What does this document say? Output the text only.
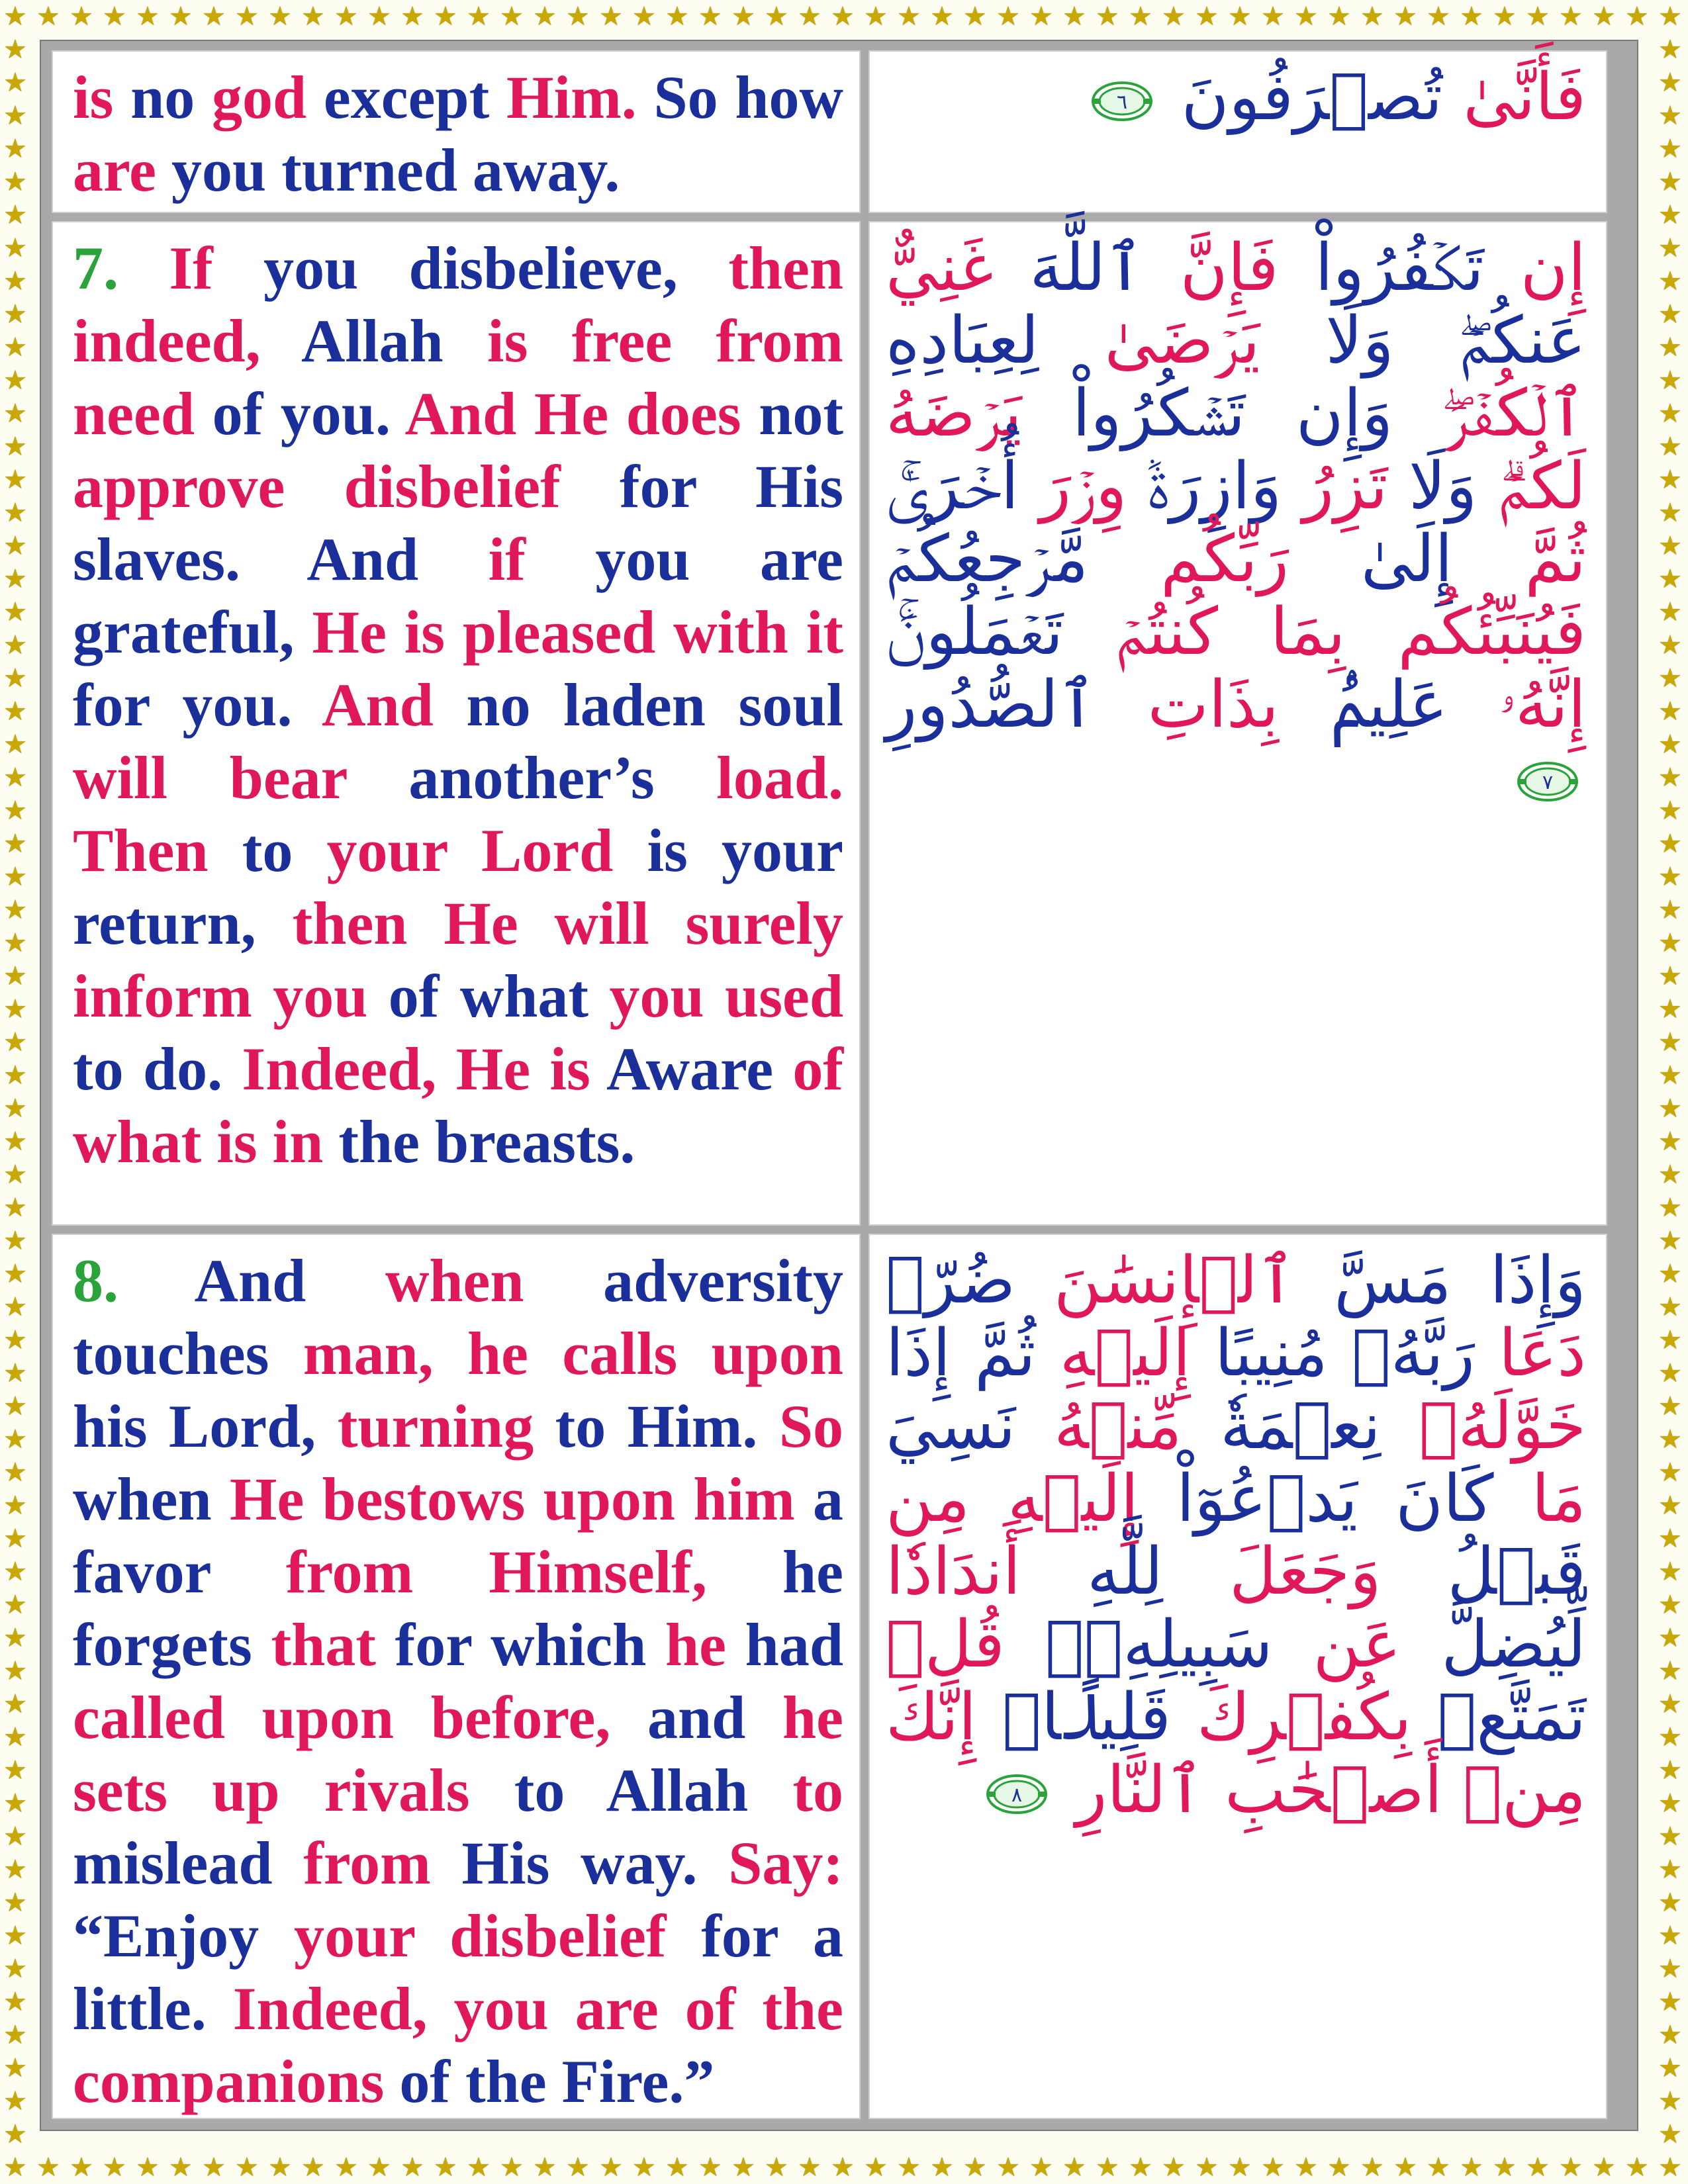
★ ★ ★ ★ ★ ★ ★ ★ ★ ★ ★ ★ ★ ★ ★ ★ ★ ★ ★ ★ ★ ★ ★ ★ ★ ★ ★ ★ ★ ★ ★ ★ ★ ★ ★ ★ ★ ★ ★ ★ ★ ★ ★ ★ ★ ★ ★ ★ ★ ★ ★
★ ★ ★ ★ ★ ★ ★ ★ ★ ★ ★ ★ ★ ★ ★ ★ ★ ★ ★ ★ ★ ★ ★ ★ ★ ★ ★ ★ ★ ★ ★ ★ ★ ★ ★ ★ ★ ★ ★ ★ ★ ★ ★ ★ ★ ★ ★ ★ ★ ★ ★
★
★
★
★
★
★
★
★
★
★
★
★
★
★
★
★
★
★
★
★
★
★
★
★
★
★
★
★
★
★
★
★
★
★
★
★
★
★
★
★
★
★
★
★
★
★
★
★
★
★
★
★
★
★
★
★
★
★
★
★
★
★
★
★
★
★
★
★
★
★
★
★
★
★
★
★
★
★
★
★
★
★
★
★
★
★
★
★
★
★
★
★
★
★
★
★
★
★
★
★
★
★
★
★
★
★
★
★
★
★
★
★
★
★
★
★
★
★
★
★
★
★
★
★
★
★
★
★

is no god except Him. So how are you turned away.

فَأَنَّىٰ تُصۡرَفُونَ
٦

7. If you disbelieve, then indeed, Allah is free from need of you. And He does not approve disbelief for His slaves. And if you are grateful, He is pleased with it for you. And no laden soul will bear another’s load. Then to your Lord is your return, then He will surely inform you of what you used to do. Indeed, He is Aware of what is in the breasts.

إِن تَكۡفُرُواْ فَإِنَّ ٱللَّهَ غَنِيٌّ عَنكُمۡۖ وَلَا يَرۡضَىٰ لِعِبَادِهِ ٱلۡكُفۡرَۖ وَإِن تَشۡكُرُواْ يَرۡضَهُ لَكُمۡۗ وَلَا تَزِرُ وَازِرَةٞ وِزۡرَ أُخۡرَىٰۚ ثُمَّ إِلَىٰ رَبِّكُم مَّرۡجِعُكُمۡ فَيُنَبِّئُكُم بِمَا كُنتُمۡ تَعۡمَلُونَۚ إِنَّهُۥ عَلِيمُۢ بِذَاتِ ٱلصُّدُورِ
٧

8. And when adversity touches man, he calls upon his Lord, turning to Him. So when He bestows upon him a favor from Himself, he forgets that for which he had called upon before, and he sets up rivals to Allah to mislead from His way. Say: “Enjoy your disbelief for a little. Indeed, you are of the companions of the Fire.”

وَإِذَا مَسَّ ٱلۡإِنسَٰنَ ضُرّٞ دَعَا رَبَّهُۥ مُنِيبًا إِلَيۡهِ ثُمَّ إِذَا خَوَّلَهُۥ نِعۡمَةٗ مِّنۡهُ نَسِيَ مَا كَانَ يَدۡعُوٓاْ إِلَيۡهِ مِن قَبۡلُ وَجَعَلَ لِلَّهِ أَندَادٗا لِّيُضِلَّ عَن سَبِيلِهِۦۚ قُلۡ تَمَتَّعۡ بِكُفۡرِكَ قَلِيلًاۖ إِنَّكَ مِنۡ أَصۡحَٰبِ ٱلنَّارِ
٨
